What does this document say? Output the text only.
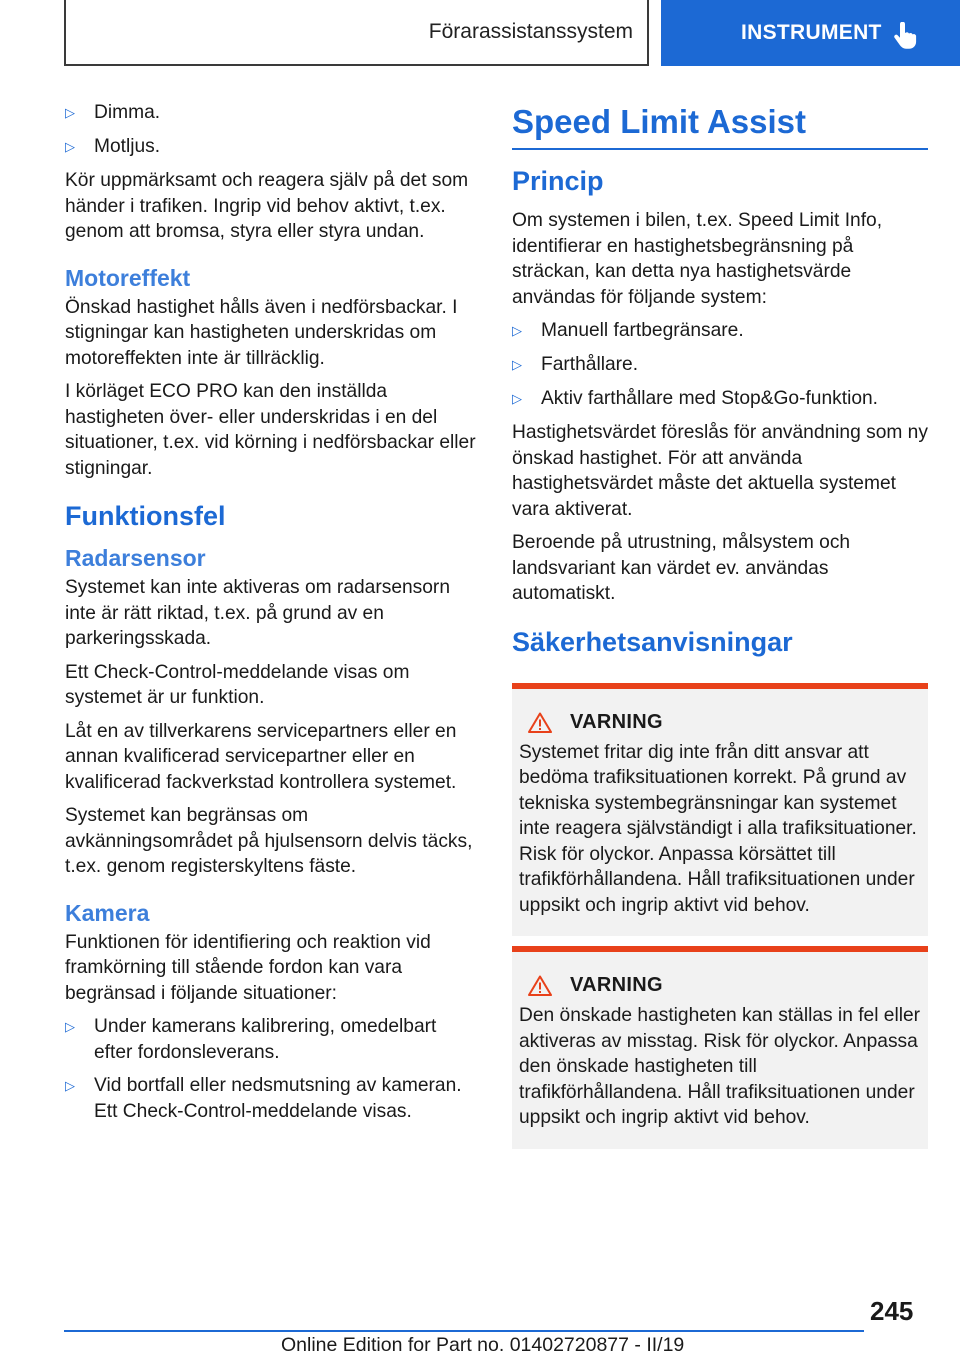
Förarassistanssystem	INSTRUMENT
▷ Dimma.
▷ Motljus.

Kör uppmärksamt och reagera själv på det som händer i trafiken. Ingrip vid behov aktivt, t.ex. genom att bromsa, styra eller styra undan.

Motoreffekt

Önskad hastighet hålls även i nedförsbackar. I stigningar kan hastigheten underskridas om motoreffekten inte är tillräcklig.

I körläget ECO PRO kan den inställda hastigheten över- eller underskridas i en del situationer, t.ex. vid körning i nedförsbackar eller stigningar.

Funktionsfel
Radarsensor

Systemet kan inte aktiveras om radarsensorn inte är rätt riktad, t.ex. på grund av en parkeringsskada.

Ett Check-Control-meddelande visas om systemet är ur funktion.

Låt en av tillverkarens servicepartners eller en annan kvalificerad servicepartner eller en kvalificerad fackverkstad kontrollera systemet.

Systemet kan begränsas om avkänningsområdet på hjulsensorn delvis täcks, t.ex. genom registerskyltens fäste.

Kamera

Funktionen för identifiering och reaktion vid framkörning till stående fordon kan vara begränsad i följande situationer:

▷ Under kamerans kalibrering, omedelbart efter fordonsleverans.
▷ Vid bortfall eller nedsmutsning av kameran. Ett Check-Control-meddelande visas.
Speed Limit Assist
Princip

Om systemen i bilen, t.ex. Speed Limit Info, identifierar en hastighetsbegränsning på sträckan, kan detta nya hastighetsvärde användas för följande system:

▷ Manuell fartbegränsare.
▷ Farthållare.
▷ Aktiv farthållare med Stop&Go-funktion.

Hastighetsvärdet föreslås för användning som ny önskad hastighet. För att använda hastighetsvärdet måste det aktuella systemet vara aktiverat.

Beroende på utrustning, målsystem och landsvariant kan värdet ev. användas automatiskt.

Säkerhetsanvisningar
VARNING

Systemet fritar dig inte från ditt ansvar att bedöma trafiksituationen korrekt. På grund av tekniska systembegränsningar kan systemet inte reagera självständigt i alla trafiksituationer. Risk för olyckor. Anpassa körsättet till trafikförhållandena. Håll trafiksituationen under uppsikt och ingrip aktivt vid behov.

VARNING

Den önskade hastigheten kan ställas in fel eller aktiveras av misstag. Risk för olyckor. Anpassa den önskade hastigheten till trafikförhållandena. Håll trafiksituationen under uppsikt och ingrip aktivt vid behov.

245
Online Edition for Part no. 01402720877 - II/19
